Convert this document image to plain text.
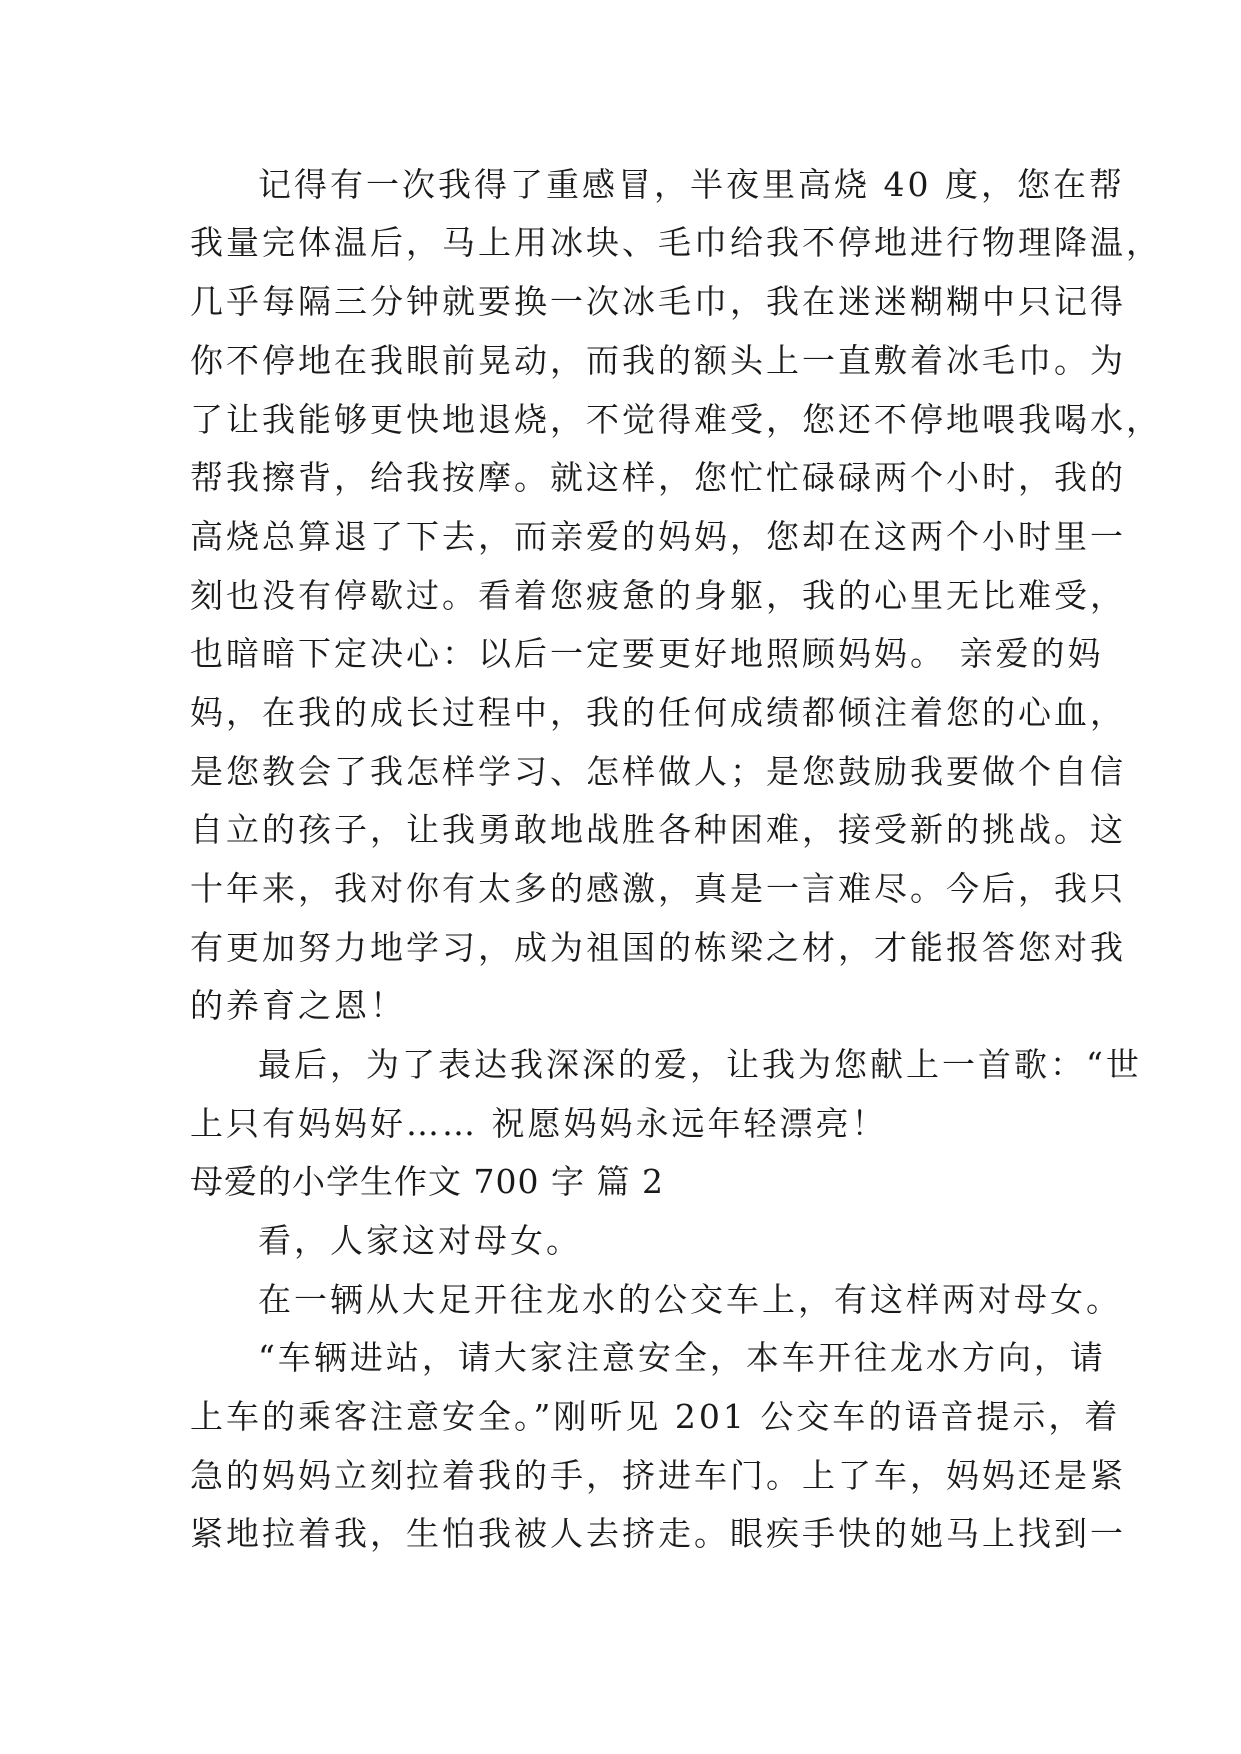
记得有一次我得了重感冒，半夜里高烧 40 度，您在帮
我量完体温后，马上用冰块、毛巾给我不停地进行物理降温，
几乎每隔三分钟就要换一次冰毛巾，我在迷迷糊糊中只记得
你不停地在我眼前晃动，而我的额头上一直敷着冰毛巾。为
了让我能够更快地退烧，不觉得难受，您还不停地喂我喝水，
帮我擦背，给我按摩。就这样，您忙忙碌碌两个小时，我的
高烧总算退了下去，而亲爱的妈妈，您却在这两个小时里一
刻也没有停歇过。看着您疲惫的身躯，我的心里无比难受，
也暗暗下定决心：以后一定要更好地照顾妈妈。 亲爱的妈
妈，在我的成长过程中，我的任何成绩都倾注着您的心血，
是您教会了我怎样学习、怎样做人；是您鼓励我要做个自信
自立的孩子，让我勇敢地战胜各种困难，接受新的挑战。这
十年来，我对你有太多的感激，真是一言难尽。今后，我只
有更加努力地学习，成为祖国的栋梁之材，才能报答您对我
的养育之恩！
最后，为了表达我深深的爱，让我为您献上一首歌：“世
上只有妈妈好…… 祝愿妈妈永远年轻漂亮！
母爱的小学生作文 700 字 篇 2
看，人家这对母女。
在一辆从大足开往龙水的公交车上，有这样两对母女。
“车辆进站，请大家注意安全，本车开往龙水方向，请
上车的乘客注意安全。”刚听见 201 公交车的语音提示，着
急的妈妈立刻拉着我的手，挤进车门。上了车，妈妈还是紧
紧地拉着我，生怕我被人去挤走。眼疾手快的她马上找到一
